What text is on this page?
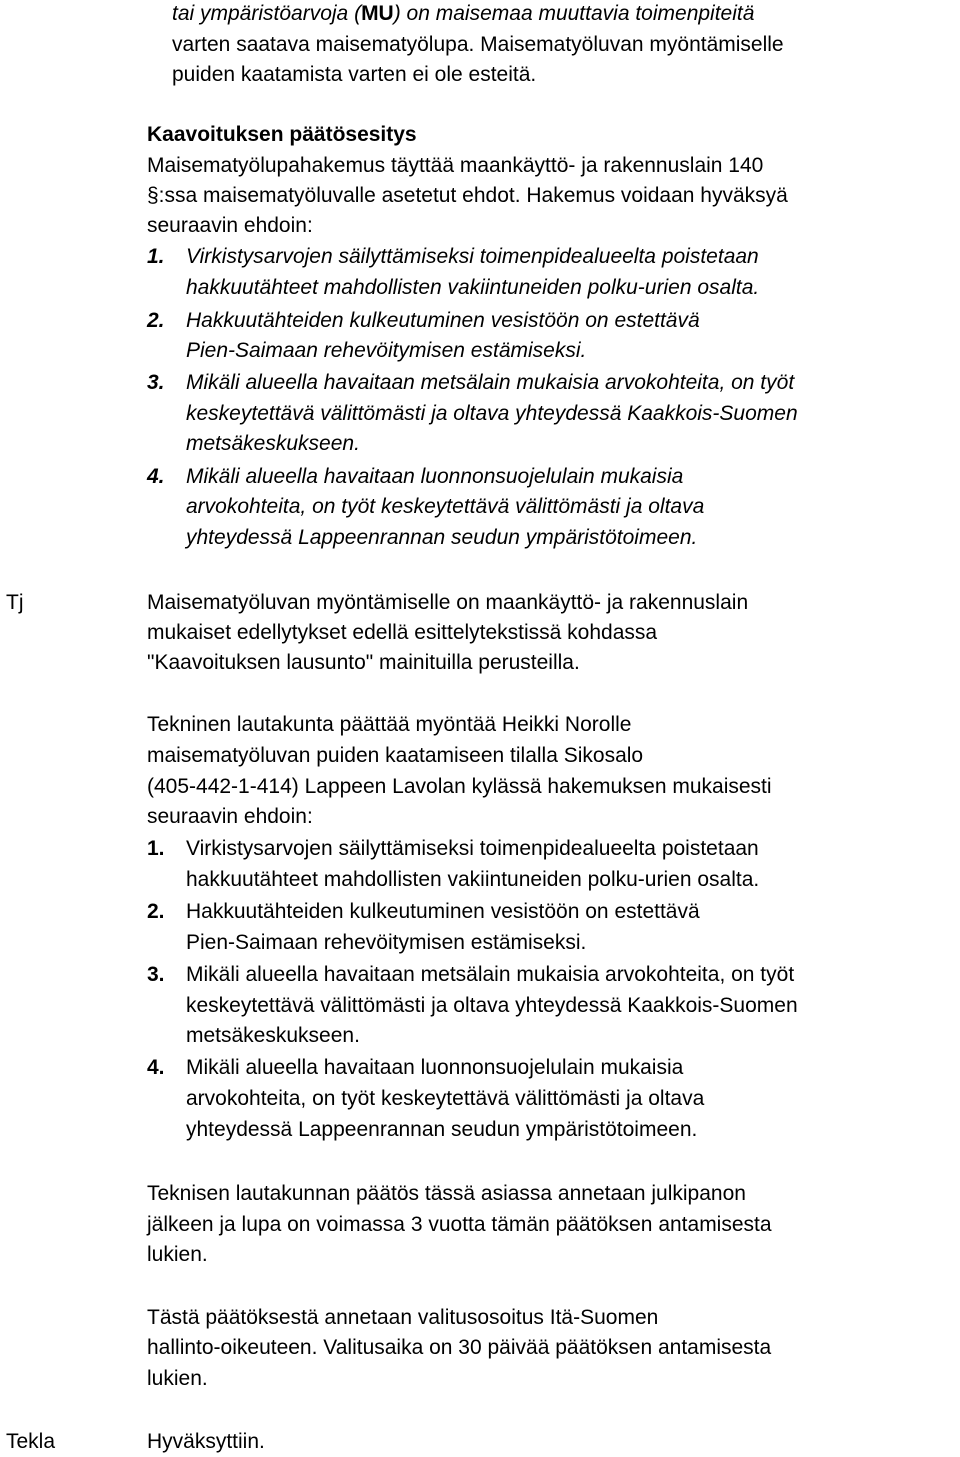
tai ympäristöarvoja (MU) on maisemaa muuttavia toimenpiteitä
varten saatava maisematyölupa. Maisematyöluvan myöntämiselle
puiden kaatamista varten ei ole esteitä.
Kaavoituksen päätösesitys
Maisematyölupahakemus täyttää maankäyttö- ja rakennuslain 140
§:ssa maisematyöluvalle asetetut ehdot. Hakemus voidaan hyväksyä
seuraavin ehdoin:
1. Virkistysarvojen säilyttämiseksi toimenpidealueelta poistetaan
hakkuutähteet mahdollisten vakiintuneiden polku-urien osalta.
2. Hakkuutähteiden kulkeutuminen vesistöön on estettävä
Pien-Saimaan rehevöitymisen estämiseksi.
3. Mikäli alueella havaitaan metsälain mukaisia arvokohteita, on työt
keskeytettävä välittömästi ja oltava yhteydessä Kaakkois-Suomen
metsäkeskukseen.
4. Mikäli alueella havaitaan luonnonsuojelulain mukaisia
arvokohteita, on työt keskeytettävä välittömästi ja oltava
yhteydessä Lappeenrannan seudun ympäristötoimeen.
Tj	Maisematyöluvan myöntämiselle on maankäyttö- ja rakennuslain
mukaiset edellytykset edellä esittelytekstissä kohdassa
"Kaavoituksen lausunto" mainituilla perusteilla.
Tekninen lautakunta päättää myöntää Heikki Norolle
maisematyöluvan puiden kaatamiseen tilalla Sikosalo
(405-442-1-414) Lappeen Lavolan kylässä hakemuksen mukaisesti
seuraavin ehdoin:
1. Virkistysarvojen säilyttämiseksi toimenpidealueelta poistetaan
hakkuutähteet mahdollisten vakiintuneiden polku-urien osalta.
2. Hakkuutähteiden kulkeutuminen vesistöön on estettävä
Pien-Saimaan rehevöitymisen estämiseksi.
3. Mikäli alueella havaitaan metsälain mukaisia arvokohteita, on työt
keskeytettävä välittömästi ja oltava yhteydessä Kaakkois-Suomen
metsäkeskukseen.
4. Mikäli alueella havaitaan luonnonsuojelulain mukaisia
arvokohteita, on työt keskeytettävä välittömästi ja oltava
yhteydessä Lappeenrannan seudun ympäristötoimeen.
Teknisen lautakunnan päätös tässä asiassa annetaan julkipanon
jälkeen ja lupa on voimassa 3 vuotta tämän päätöksen antamisesta
lukien.
Tästä päätöksestä annetaan valitusosoitus Itä-Suomen
hallinto-oikeuteen. Valitusaika on 30 päivää päätöksen antamisesta
lukien.
Tekla	Hyväksyttiin.
